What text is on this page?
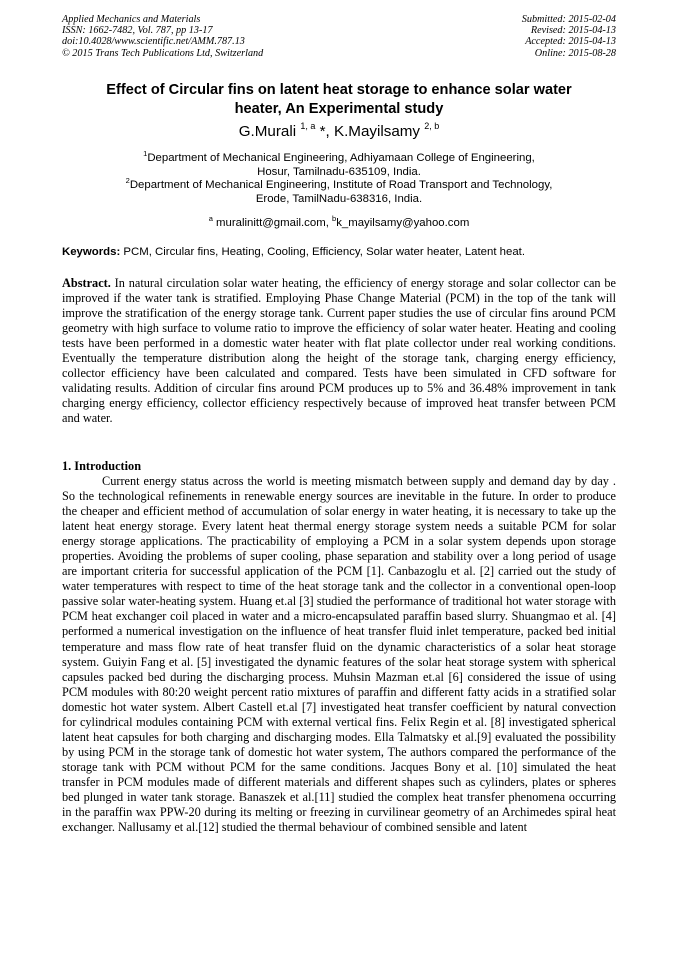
Applied Mechanics and Materials
ISSN: 1662-7482, Vol. 787, pp 13-17
doi:10.4028/www.scientific.net/AMM.787.13
© 2015 Trans Tech Publications Ltd, Switzerland
Submitted: 2015-02-04
Revised: 2015-04-13
Accepted: 2015-04-13
Online: 2015-08-28
Effect of Circular fins on latent heat storage to enhance solar water
heater, An Experimental study
G.Murali $^{1, a}$ *, K.Mayilsamy $^{2, b}$
$^1$Department of Mechanical Engineering, Adhiyamaan College of Engineering,
Hosur, Tamilnadu-635109, India.
$^2$Department of Mechanical Engineering, Institute of Road Transport and Technology,
Erode, TamilNadu-638316, India.
$^a$ muralinitt@gmail.com, $^b$k_mayilsamy@yahoo.com
Keywords: PCM, Circular fins, Heating, Cooling, Efficiency, Solar water heater, Latent heat.
Abstract. In natural circulation solar water heating, the efficiency of energy storage and solar collector can be improved if the water tank is stratified. Employing Phase Change Material (PCM) in the top of the tank will improve the stratification of the energy storage tank. Current paper studies the use of circular fins around PCM geometry with high surface to volume ratio to improve the efficiency of solar water heater. Heating and cooling tests have been performed in a domestic water heater with flat plate collector under real working conditions. Eventually the temperature distribution along the height of the storage tank, charging energy efficiency, collector efficiency have been calculated and compared. Tests have been simulated in CFD software for validating results. Addition of circular fins around PCM produces up to 5% and 36.48% improvement in tank charging energy efficiency, collector efficiency respectively because of improved heat transfer between PCM and water.
1. Introduction
Current energy status across the world is meeting mismatch between supply and demand day by day . So the technological refinements in renewable energy sources are inevitable in the future. In order to produce the cheaper and efficient method of accumulation of solar energy in water heating, it is necessary to take up the latent heat energy storage. Every latent heat thermal energy storage system needs a suitable PCM for solar energy storage applications. The practicability of employing a PCM in a solar system depends upon storage properties. Avoiding the problems of super cooling, phase separation and stability over a long period of usage are important criteria for successful application of the PCM [1]. Canbazoglu et al. [2] carried out the study of water temperatures with respect to time of the heat storage tank and the collector in a conventional open-loop passive solar water-heating system. Huang et.al [3] studied the performance of traditional hot water storage with PCM heat exchanger coil placed in water and a micro-encapsulated paraffin based slurry. Shuangmao et al. [4] performed a numerical investigation on the influence of heat transfer fluid inlet temperature, packed bed initial temperature and mass flow rate of heat transfer fluid on the dynamic characteristics of a solar heat storage system. Guiyin Fang et al. [5] investigated the dynamic features of the solar heat storage system with spherical capsules packed bed during the discharging process. Muhsin Mazman et.al [6] considered the issue of using PCM modules with 80:20 weight percent ratio mixtures of paraffin and different fatty acids in a stratified solar domestic hot water system. Albert Castell et.al [7] investigated heat transfer coefficient by natural convection for cylindrical modules containing PCM with external vertical fins. Felix Regin et al. [8] investigated spherical latent heat capsules for both charging and discharging modes. Ella Talmatsky et al.[9] evaluated the possibility by using PCM in the storage tank of domestic hot water system, The authors compared the performance of the storage tank with PCM without PCM for the same conditions. Jacques Bony et al. [10] simulated the heat transfer in PCM modules made of different materials and different shapes such as cylinders, plates or spheres bed plunged in water tank storage. Banaszek et al.[11] studied the complex heat transfer phenomena occurring in the paraffin wax PPW-20 during its melting or freezing in curvilinear geometry of an Archimedes spiral heat exchanger. Nallusamy et al.[12] studied the thermal behaviour of combined sensible and latent
